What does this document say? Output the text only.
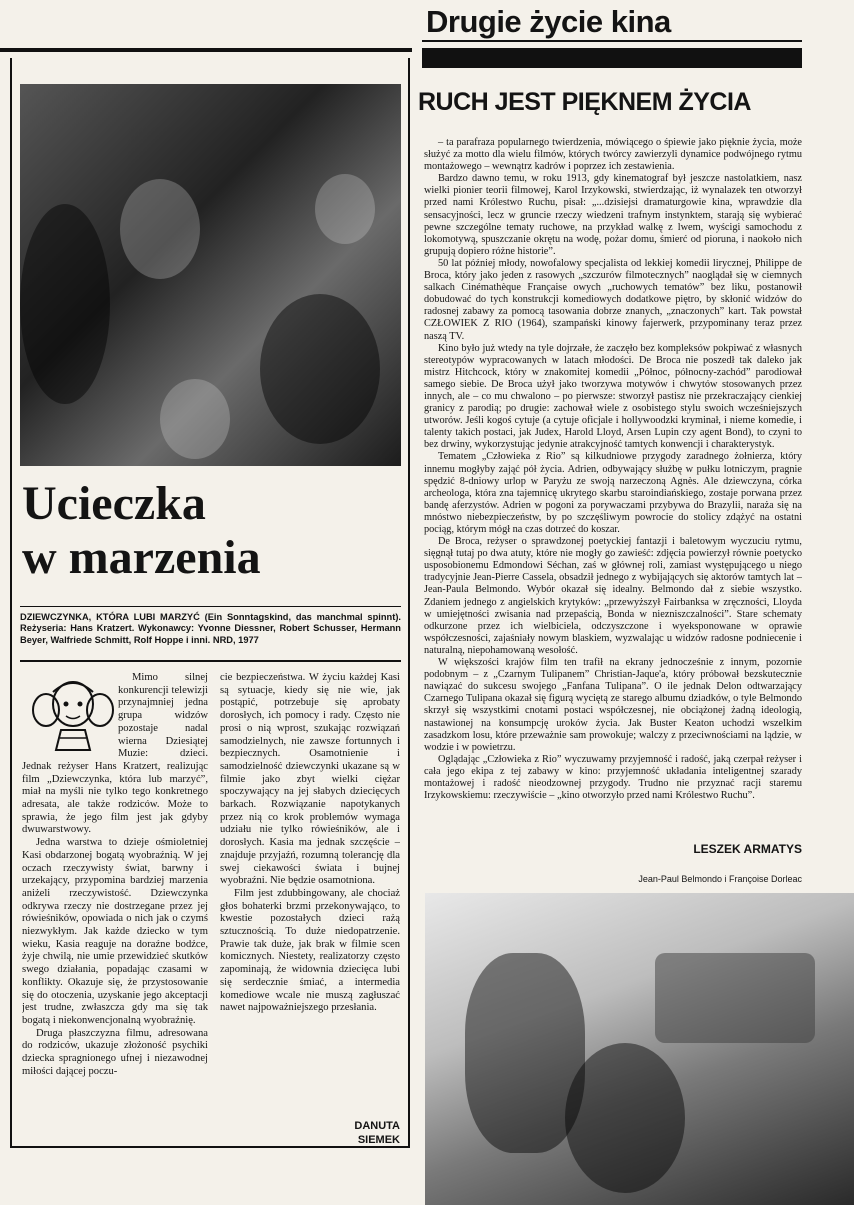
Drugie życie kina
Ucieczka
w marzenia
DZIEWCZYNKA, KTÓRA LUBI MARZYĆ (Ein Sonntagskind, das manchmal spinnt). Reżyseria: Hans Kratzert. Wykonawcy: Yvonne Diessner, Robert Schusser, Hermann Beyer, Walfriede Schmitt, Rolf Hoppe i inni. NRD, 1977

Mimo silnej konkurencji telewizji przynajmniej jedna grupa widzów pozostaje nadal wierna Dziesiątej Muzie: dzieci. Jednak reżyser Hans Kratzert, realizując film „Dziewczynka, która lub marzyć”, miał na myśli nie tylko tego konkretnego adresata, ale także rodziców. Może to sprawia, że jego film jest jak gdyby dwuwarstwowy.

Jedna warstwa to dzieje ośmioletniej Kasi obdarzonej bogatą wyobraźnią. W jej oczach rzeczywisty świat, barwny i urzekający, przypomina bardziej marzenia aniżeli rzeczywistość. Dziewczynka odkrywa rzeczy nie dostrzegane przez jej rówieśników, opowiada o nich jak o czymś niezwykłym. Jak każde dziecko w tym wieku, Kasia reaguje na doraźne bodźce, żyje chwilą, nie umie przewidzieć skutków swego działania, popadając czasami w konflikty. Okazuje się, że przystosowanie się do otoczenia, uzyskanie jego akceptacji jest trudne, zwłaszcza gdy ma się tak bogatą i niekonwencjonalną wyobraźnię.

Druga płaszczyzna filmu, adresowana do rodziców, ukazuje złożoność psychiki dziecka spragnionego ufnej i niezawodnej miłości dającej poczu-

cie bezpieczeństwa. W życiu każdej Kasi są sytuacje, kiedy się nie wie, jak postąpić, potrzebuje się aprobaty dorosłych, ich pomocy i rady. Często nie prosi o nią wprost, szukając rozwiązań samodzielnych, nie zawsze fortunnych i bezpiecznych. Osamotnienie i samodzielność dziewczynki ukazane są w filmie jako zbyt wielki ciężar spoczywający na jej słabych dziecięcych barkach. Rozwiązanie napotykanych przez nią co krok problemów wymaga udziału nie tylko rówieśników, ale i dorosłych. Kasia ma jednak szczęście – znajduje przyjaźń, rozumną tolerancję dla swej ciekawości świata i bujnej wyobraźni. Nie będzie osamotniona.

Film jest zdubbingowany, ale chociaż głos bohaterki brzmi przekonywająco, to kwestie pozostałych dzieci rażą sztucznością. To duże niedopatrzenie. Prawie tak duże, jak brak w filmie scen komicznych. Niestety, realizatorzy często zapominają, że widownia dziecięca lubi się serdecznie śmiać, a intermedia komediowe wcale nie muszą zagłuszać nawet najpoważniejszego przesłania.

DANUTA
SIEMEK
RUCH JEST PIĘKNEM ŻYCIA

– ta parafraza popularnego twierdzenia, mówiącego o śpiewie jako pięknie życia, może służyć za motto dla wielu filmów, których twórcy zawierzyli dynamice podwójnego rytmu montażowego – wewnątrz kadrów i poprzez ich zestawienia.

Bardzo dawno temu, w roku 1913, gdy kinematograf był jeszcze nastolatkiem, nasz wielki pionier teorii filmowej, Karol Irzykowski, stwierdzając, iż wynalazek ten otworzył przed nami Królestwo Ruchu, pisał: „...dzisiejsi dramaturgowie kina, wprawdzie dla sensacyjności, lecz w gruncie rzeczy wiedzeni trafnym instynktem, starają się wybierać pewne szczególne tematy ruchowe, na przykład walkę z lwem, wyścigi samochodu z lokomotywą, spuszczanie okrętu na wodę, pożar domu, śmierć od pioruna, i naokoło nich grupują dopiero różne historie”.

50 lat później młody, nowofalowy specjalista od lekkiej komedii lirycznej, Philippe de Broca, który jako jeden z rasowych „szczurów filmotecznych” naoglądał się w ciemnych salkach Cinémathèque Française owych „ruchowych tematów” bez liku, postanowił dobudować do tych konstrukcji komediowych dodatkowe piętro, by skłonić widzów do radosnej zabawy za pomocą tasowania dobrze znanych, „znaczonych” kart. Tak powstał CZŁOWIEK Z RIO (1964), szampański kinowy fajerwerk, przypominany teraz przez naszą TV.

Kino było już wtedy na tyle dojrzałe, że zaczęło bez kompleksów pokpiwać z własnych stereotypów wypracowanych w latach młodości. De Broca nie poszedł tak daleko jak mistrz Hitchcock, który w znakomitej komedii „Północ, północny-zachód” parodiował samego siebie. De Broca użył jako tworzywa motywów i chwytów stosowanych przez innych, ale – co mu chwalono – po pierwsze: stworzył pastisz nie przekraczający cienkiej granicy z parodią; po drugie: zachował wiele z osobistego stylu swoich wcześniejszych utworów. Jeśli kogoś cytuje (a cytuje oficjale i hollywoodzki kryminał, i nieme komedie, i talenty takich postaci, jak Judex, Harold Lloyd, Arsen Lupin czy agent Bond), to czyni to bez drwiny, wykorzystując jedynie atrakcyjność tamtych konwencji i charakterystyk.

Tematem „Człowieka z Rio” są kilkudniowe przygody zaradnego żołnierza, który innemu mogłyby zająć pół życia. Adrien, odbywający służbę w pułku lotniczym, pragnie spędzić 8-dniowy urlop w Paryżu ze swoją narzeczoną Agnès. Ale dziewczyna, córka archeologa, która zna tajemnicę ukrytego skarbu staroindiańskiego, zostaje porwana przez bandę aferzystów. Adrien w pogoni za porywaczami przybywa do Brazylii, naraża się na mnóstwo niebezpieczeństw, by po szczęśliwym powrocie do stolicy zdążyć na ostatni pociąg, którym mógł na czas dotrzeć do koszar.

De Broca, reżyser o sprawdzonej poetyckiej fantazji i baletowym wyczuciu rytmu, sięgnął tutaj po dwa atuty, które nie mogły go zawieść: zdjęcia powierzył równie poetycko usposobionemu Edmondowi Séchan, zaś w głównej roli, zamiast występującego u niego tradycyjnie Jean-Pierre Cassela, obsadził jednego z wybijających się aktorów tamtych lat – Jean-Paula Belmondo. Wybór okazał się idealny. Belmondo dał z siebie wszystko. Zdaniem jednego z angielskich krytyków: „przewyższył Fairbanksa w zręczności, Lloyda w umiejętności zwisania nad przepaścią, Bonda w niezniszczalności”. Stare schematy odkurzone przez ich wielbiciela, odczyszczone i wyeksponowane w oprawie współczesności, zajaśniały nowym blaskiem, wyzwalając u widzów radosne podniecenie i naturalną, niepohamowaną wesołość.

W większości krajów film ten trafił na ekrany jednocześnie z innym, pozornie podobnym – z „Czarnym Tulipanem” Christian-Jaque'a, który próbował bezskutecznie nawiązać do sukcesu swojego „Fanfana Tulipana”. O ile jednak Delon odtwarzający Czarnego Tulipana okazał się figurą wyciętą ze starego albumu dziadków, o tyle Belmondo skrzył się wszystkimi cnotami postaci współczesnej, nie obciążonej żadną ideologią, nastawionej na konsumpcję uroków życia. Jak Buster Keaton uchodzi wszelkim zasadzkom losu, które przeważnie sam prowokuje; walczy z przeciwnościami na lądzie, w wodzie i w powietrzu.

Oglądając „Człowieka z Rio” wyczuwamy przyjemność i radość, jaką czerpał reżyser i cała jego ekipa z tej zabawy w kino: przyjemność układania inteligentnej szarady montażowej i radość nieodzownej przygody. Trudno nie przyznać racji staremu Irzykowskiemu: rzeczywiście – „kino otworzyło przed nami Królestwo Ruchu”.

LESZEK ARMATYS
Jean-Paul Belmondo i Françoise Dorleac
